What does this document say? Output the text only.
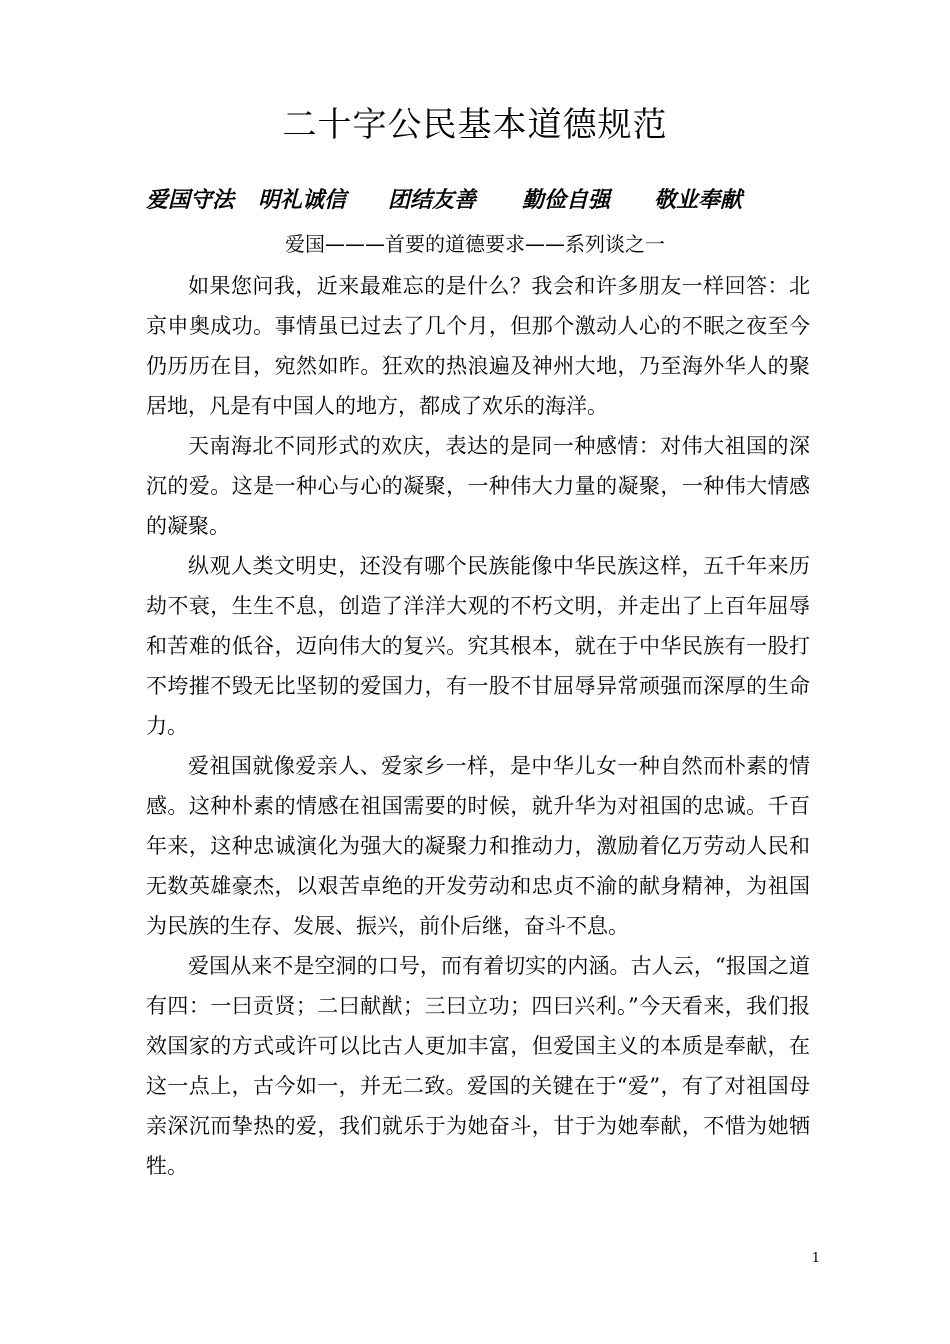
二十字公民基本道德规范
爱国守法 明礼诚信 团结友善 勤俭自强 敬业奉献
爱国———首要的道德要求——系列谈之一

如果您问我，近来最难忘的是什么？我会和许多朋友一样回答：北京申奥成功。事情虽已过去了几个月，但那个激动人心的不眠之夜至今仍历历在目，宛然如昨。狂欢的热浪遍及神州大地，乃至海外华人的聚居地，凡是有中国人的地方，都成了欢乐的海洋。

天南海北不同形式的欢庆，表达的是同一种感情：对伟大祖国的深沉的爱。这是一种心与心的凝聚，一种伟大力量的凝聚，一种伟大情感的凝聚。

纵观人类文明史，还没有哪个民族能像中华民族这样，五千年来历劫不衰，生生不息，创造了洋洋大观的不朽文明，并走出了上百年屈辱和苦难的低谷，迈向伟大的复兴。究其根本，就在于中华民族有一股打不垮摧不毁无比坚韧的爱国力，有一股不甘屈辱异常顽强而深厚的生命力。

爱祖国就像爱亲人、爱家乡一样，是中华儿女一种自然而朴素的情感。这种朴素的情感在祖国需要的时候，就升华为对祖国的忠诚。千百年来，这种忠诚演化为强大的凝聚力和推动力，激励着亿万劳动人民和无数英雄豪杰，以艰苦卓绝的开发劳动和忠贞不渝的献身精神，为祖国为民族的生存、发展、振兴，前仆后继，奋斗不息。

爱国从来不是空洞的口号，而有着切实的内涵。古人云，“报国之道有四：一曰贡贤；二曰献猷；三曰立功；四曰兴利。”今天看来，我们报效国家的方式或许可以比古人更加丰富，但爱国主义的本质是奉献，在这一点上，古今如一，并无二致。爱国的关键在于“爱”，有了对祖国母亲深沉而挚热的爱，我们就乐于为她奋斗，甘于为她奉献，不惜为她牺牲。

1
